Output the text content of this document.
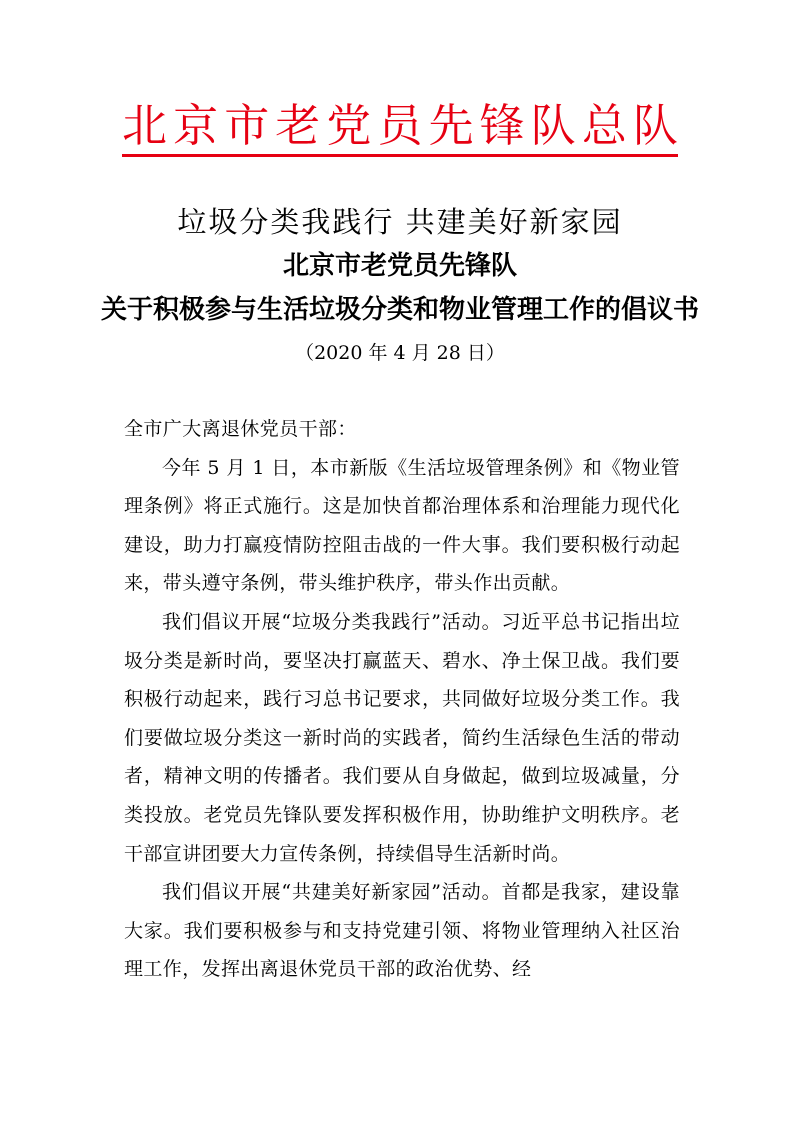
北 京 市 老 党 员 先 锋 队 总 队
垃圾分类我践行 共建美好新家园
北京市老党员先锋队
关于积极参与生活垃圾分类和物业管理工作的倡议书
（2020 年 4 月 28 日）

全市广大离退休党员干部：

今年 5 月 1 日，本市新版《生活垃圾管理条例》和《物业管理条例》将正式施行。这是加快首都治理体系和治理能力现代化建设，助力打赢疫情防控阻击战的一件大事。我们要积极行动起来，带头遵守条例，带头维护秩序，带头作出贡献。

我们倡议开展“垃圾分类我践行”活动。习近平总书记指出垃圾分类是新时尚，要坚决打赢蓝天、碧水、净土保卫战。我们要积极行动起来，践行习总书记要求，共同做好垃圾分类工作。我们要做垃圾分类这一新时尚的实践者，简约生活绿色生活的带动者，精神文明的传播者。我们要从自身做起，做到垃圾减量，分类投放。老党员先锋队要发挥积极作用，协助维护文明秩序。老干部宣讲团要大力宣传条例，持续倡导生活新时尚。

我们倡议开展“共建美好新家园”活动。首都是我家，建设靠大家。我们要积极参与和支持党建引领、将物业管理纳入社区治理工作，发挥出离退休党员干部的政治优势、经
